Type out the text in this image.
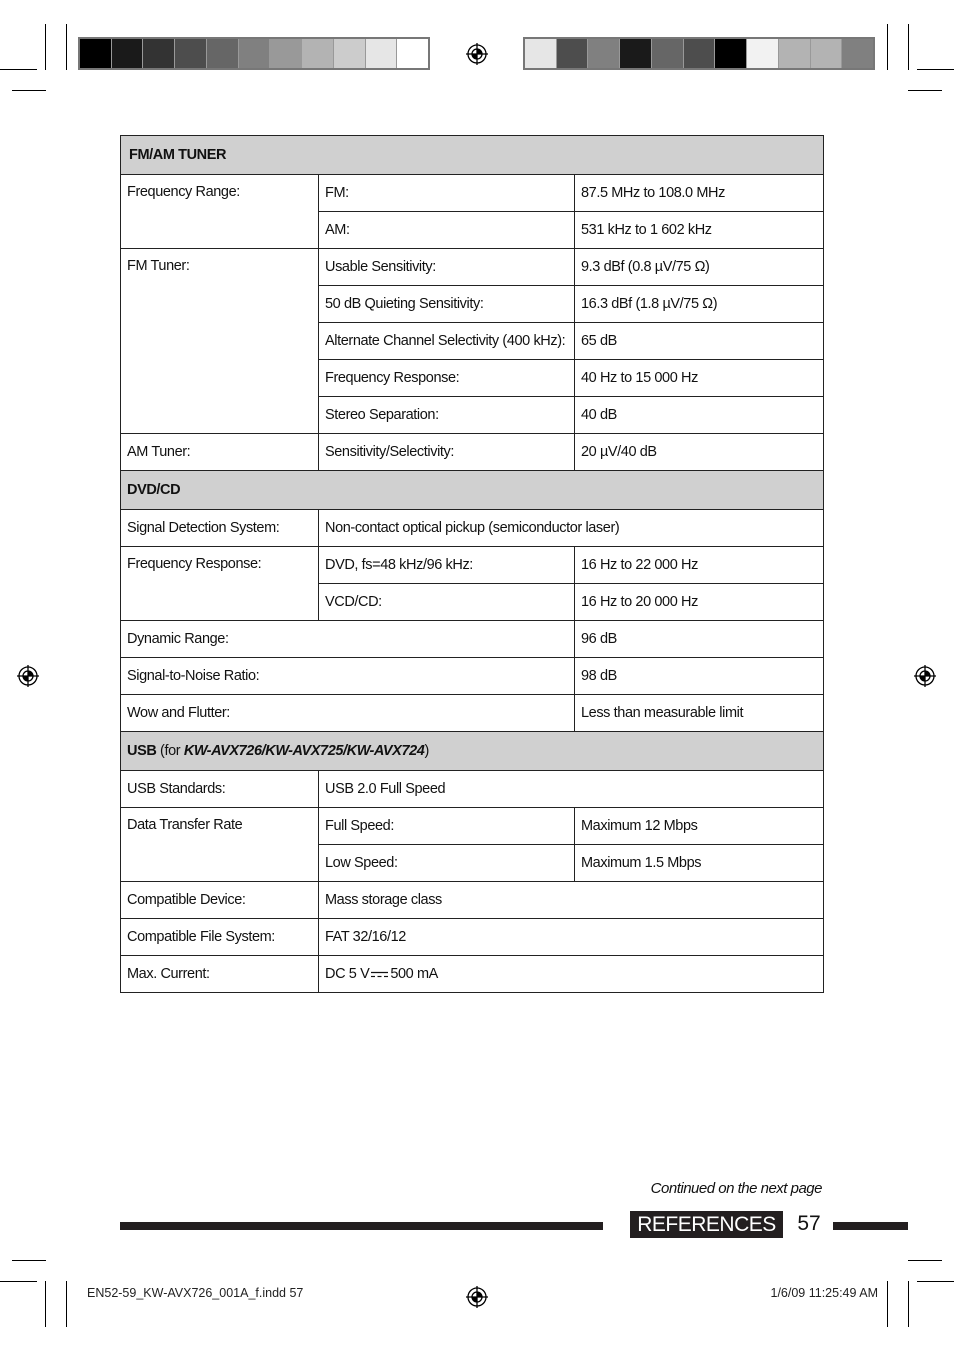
FM/AM TUNER		
Frequency Range:	FM:	87.5 MHz to 108.0 MHz
	AM:	531 kHz to 1 602 kHz
FM Tuner:	Usable Sensitivity:	9.3 dBf (0.8 µV/75 Ω)
	50 dB Quieting Sensitivity:	16.3 dBf (1.8 µV/75 Ω)
	Alternate Channel Selectivity (400 kHz):	65 dB
	Frequency Response:	40 Hz to 15 000 Hz
	Stereo Separation:	40 dB
AM Tuner:	Sensitivity/Selectivity:	20 µV/40 dB
DVD/CD		
Signal Detection System:	Non-contact optical pickup (semiconductor laser)	
Frequency Response:	DVD, fs=48 kHz/96 kHz:	16 Hz to 22 000 Hz
	VCD/CD:	16 Hz to 20 000 Hz
Dynamic Range:		96 dB
Signal-to-Noise Ratio:		98 dB
Wow and Flutter:		Less than measurable limit
USB (for KW-AVX726/KW-AVX725/KW-AVX724)		
USB Standards:	USB 2.0 Full Speed	
Data Transfer Rate	Full Speed:	Maximum 12 Mbps
	Low Speed:	Maximum 1.5 Mbps
Compatible Device:	Mass storage class	
Compatible File System:	FAT 32/16/12	
Max. Current:	DC 5 V 500 mA	
Continued on the next page
REFERENCES	57
EN52-59_KW-AVX726_001A_f.indd 57	1/6/09 11:25:49 AM
